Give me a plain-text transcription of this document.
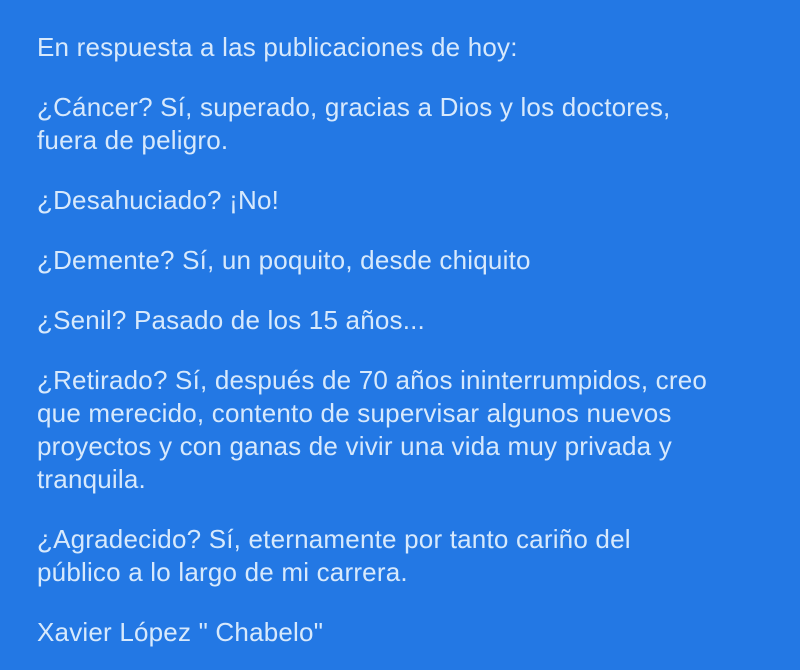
En respuesta a las publicaciones de hoy:
¿Cáncer? Sí, superado, gracias a Dios y los doctores,
fuera de peligro.
¿Desahuciado? ¡No!
¿Demente? Sí, un poquito, desde chiquito
¿Senil? Pasado de los 15 años...
¿Retirado? Sí, después de 70 años ininterrumpidos, creo
que merecido, contento de supervisar algunos nuevos
proyectos y con ganas de vivir una vida muy privada y
tranquila.
¿Agradecido? Sí, eternamente por tanto cariño del
público a lo largo de mi carrera.
Xavier López " Chabelo"
